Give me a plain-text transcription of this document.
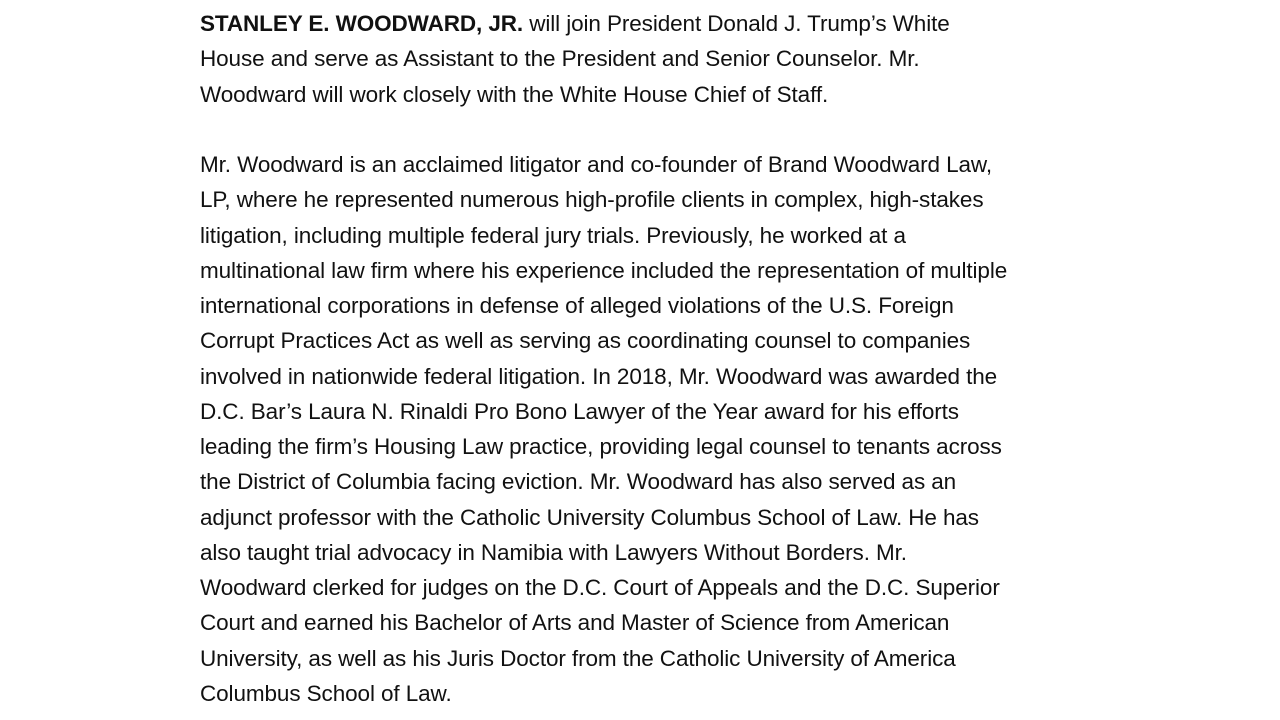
STANLEY E. WOODWARD, JR. will join President Donald J. Trump’s White
House and serve as Assistant to the President and Senior Counselor. Mr.
Woodward will work closely with the White House Chief of Staff.
Mr. Woodward is an acclaimed litigator and co-founder of Brand Woodward Law,
LP, where he represented numerous high-profile clients in complex, high-stakes
litigation, including multiple federal jury trials. Previously, he worked at a
multinational law firm where his experience included the representation of multiple
international corporations in defense of alleged violations of the U.S. Foreign
Corrupt Practices Act as well as serving as coordinating counsel to companies
involved in nationwide federal litigation. In 2018, Mr. Woodward was awarded the
D.C. Bar’s Laura N. Rinaldi Pro Bono Lawyer of the Year award for his efforts
leading the firm’s Housing Law practice, providing legal counsel to tenants across
the District of Columbia facing eviction. Mr. Woodward has also served as an
adjunct professor with the Catholic University Columbus School of Law. He has
also taught trial advocacy in Namibia with Lawyers Without Borders. Mr.
Woodward clerked for judges on the D.C. Court of Appeals and the D.C. Superior
Court and earned his Bachelor of Arts and Master of Science from American
University, as well as his Juris Doctor from the Catholic University of America
Columbus School of Law.
